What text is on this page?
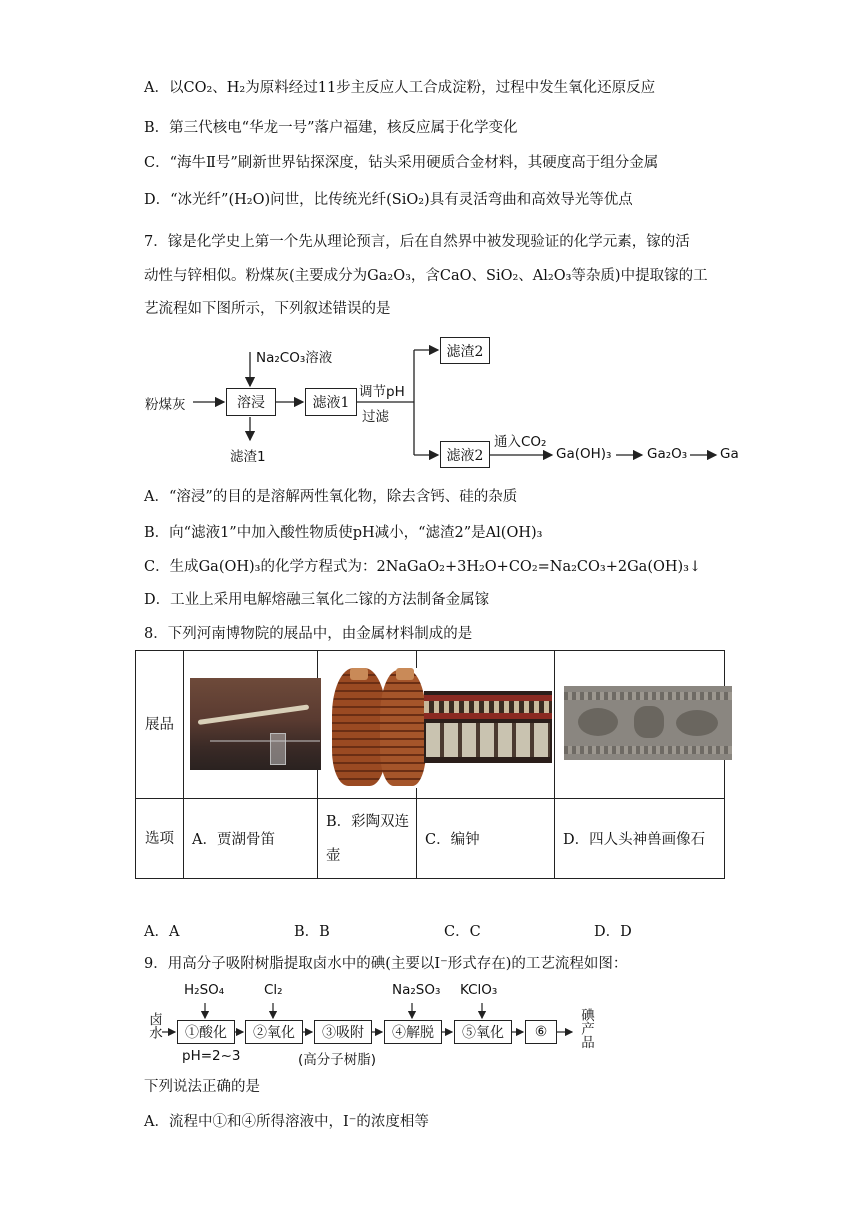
A．以CO₂、H₂为原料经过11步主反应人工合成淀粉，过程中发生氧化还原反应
B．第三代核电“华龙一号”落户福建，核反应属于化学变化
C．“海牛Ⅱ号”刷新世界钻探深度，钻头采用硬质合金材料，其硬度高于组分金属
D．“冰光纤”(H₂O)问世，比传统光纤(SiO₂)具有灵活弯曲和高效导光等优点
7．镓是化学史上第一个先从理论预言，后在自然界中被发现验证的化学元素，镓的活
动性与锌相似。粉煤灰(主要成分为Ga₂O₃，含CaO、SiO₂、Al₂O₃等杂质)中提取镓的工
艺流程如下图所示，下列叙述错误的是
粉煤灰
Na₂CO₃溶液
溶浸
滤渣1
滤液1
调节pH
过滤
滤渣2
滤液2
通入CO₂
Ga(OH)₃	Ga₂O₃ Ga
A．“溶浸”的目的是溶解两性氧化物，除去含钙、硅的杂质
B．向“滤液1”中加入酸性物质使pH减小，“滤渣2”是Al(OH)₃
C．生成Ga(OH)₃的化学方程式为：2NaGaO₂+3H₂O+CO₂=Na₂CO₃+2Ga(OH)₃↓
D．工业上采用电解熔融三氧化二镓的方法制备金属镓
8．下列河南博物院的展品中，由金属材料制成的是
展品	

选项	A．贾湖骨笛	B．彩陶双连壶	C．编钟	D．四人头神兽画像石
A．A	B．B	C．C	D．D
9．用高分子吸附树脂提取卤水中的碘(主要以I⁻形式存在)的工艺流程如图：
卤水
H₂SO₄	Cl₂	Na₂SO₃ KClO₃
①酸化	②氧化	③吸附	④解脱	⑤氧化	⑥	碘产品
pH=2~3	(高分子树脂)
下列说法正确的是
A．流程中①和④所得溶液中，I⁻的浓度相等
